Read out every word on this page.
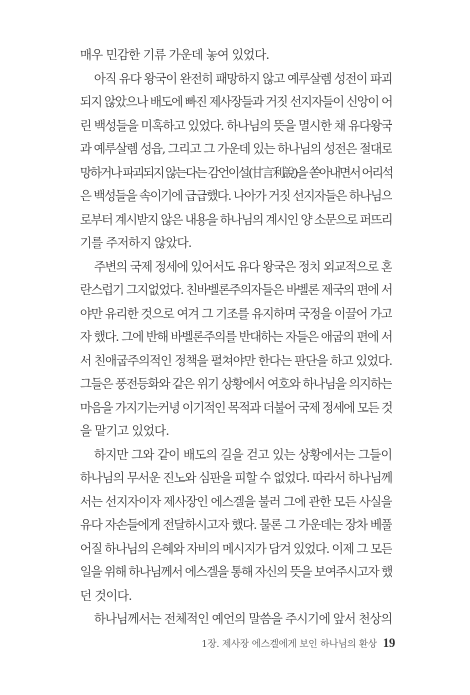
매우 민감한 기류 가운데 놓여 있었다.
아직 유다 왕국이 완전히 패망하지 않고 예루살렘 성전이 파괴
되지 않았으나 배도에 빠진 제사장들과 거짓 선지자들이 신앙이 어
린 백성들을 미혹하고 있었다. 하나님의 뜻을 멸시한 채 유다왕국
과 예루살렘 성읍, 그리고 그 가운데 있는 하나님의 성전은 절대로
망하거나 파괴되지 않는다는 감언이설(甘言利說)을 쏟아내면서 어리석
은 백성들을 속이기에 급급했다. 나아가 거짓 선지자들은 하나님으
로부터 계시받지 않은 내용을 하나님의 계시인 양 소문으로 퍼뜨리
기를 주저하지 않았다.
주변의 국제 정세에 있어서도 유다 왕국은 정치 외교적으로 혼
란스럽기 그지없었다. 친바벨론주의자들은 바벨론 제국의 편에 서
야만 유리한 것으로 여겨 그 기조를 유지하며 국정을 이끌어 가고
자 했다. 그에 반해 바벨론주의를 반대하는 자들은 애굽의 편에 서
서 친애굽주의적인 정책을 펼쳐야만 한다는 판단을 하고 있었다.
그들은 풍전등화와 같은 위기 상황에서 여호와 하나님을 의지하는
마음을 가지기는커녕 이기적인 목적과 더불어 국제 정세에 모든 것
을 맡기고 있었다.
하지만 그와 같이 배도의 길을 걷고 있는 상황에서는 그들이
하나님의 무서운 진노와 심판을 피할 수 없었다. 따라서 하나님께
서는 선지자이자 제사장인 에스겔을 불러 그에 관한 모든 사실을
유다 자손들에게 전달하시고자 했다. 물론 그 가운데는 장차 베풀
어질 하나님의 은혜와 자비의 메시지가 담겨 있었다. 이제 그 모든
일을 위해 하나님께서 에스겔을 통해 자신의 뜻을 보여주시고자 했
던 것이다.
하나님께서는 전체적인 예언의 말씀을 주시기에 앞서 천상의
1장. 제사장 에스겔에게 보인 하나님의 환상 19
